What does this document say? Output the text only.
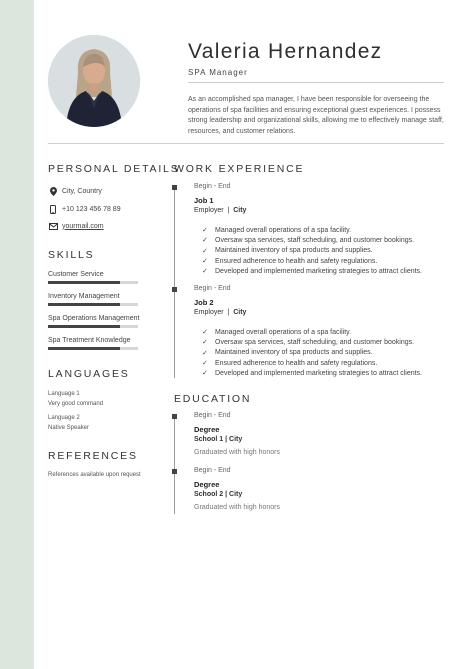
Valeria Hernandez
SPA Manager
As an accomplished spa manager, I have been responsible for overseeing the operations of spa facilities and ensuring exceptional guest experiences. I possess strong leadership and organizational skills, allowing me to effectively manage staff, resources, and customer relations.
PERSONAL DETAILS
City, Country
+10 123 456 78 89
yourmail.com
SKILLS
Customer Service
Inventory Management
Spa Operations Management
Spa Treatment Knowledge
LANGUAGES
Language 1
Very good command
Language 2
Native Speaker
REFERENCES
References available upon request
WORK EXPERIENCE
Begin - End
Job 1
Employer  |  City
✓	Managed overall operations of a spa facility.
✓	Oversaw spa services, staff scheduling, and customer bookings.
✓	Maintained inventory of spa products and supplies.
✓	Ensured adherence to health and safety regulations.
✓	Developed and implemented marketing strategies to attract clients.
Begin - End
Job 2
Employer  |  City
✓	Managed overall operations of a spa facility.
✓	Oversaw spa services, staff scheduling, and customer bookings.
✓	Maintained inventory of spa products and supplies.
✓	Ensured adherence to health and safety regulations.
✓	Developed and implemented marketing strategies to attract clients.
EDUCATION
Begin - End
Degree
School 1 | City
Graduated with high honors
Begin - End
Degree
School 2 | City
Graduated with high honors
